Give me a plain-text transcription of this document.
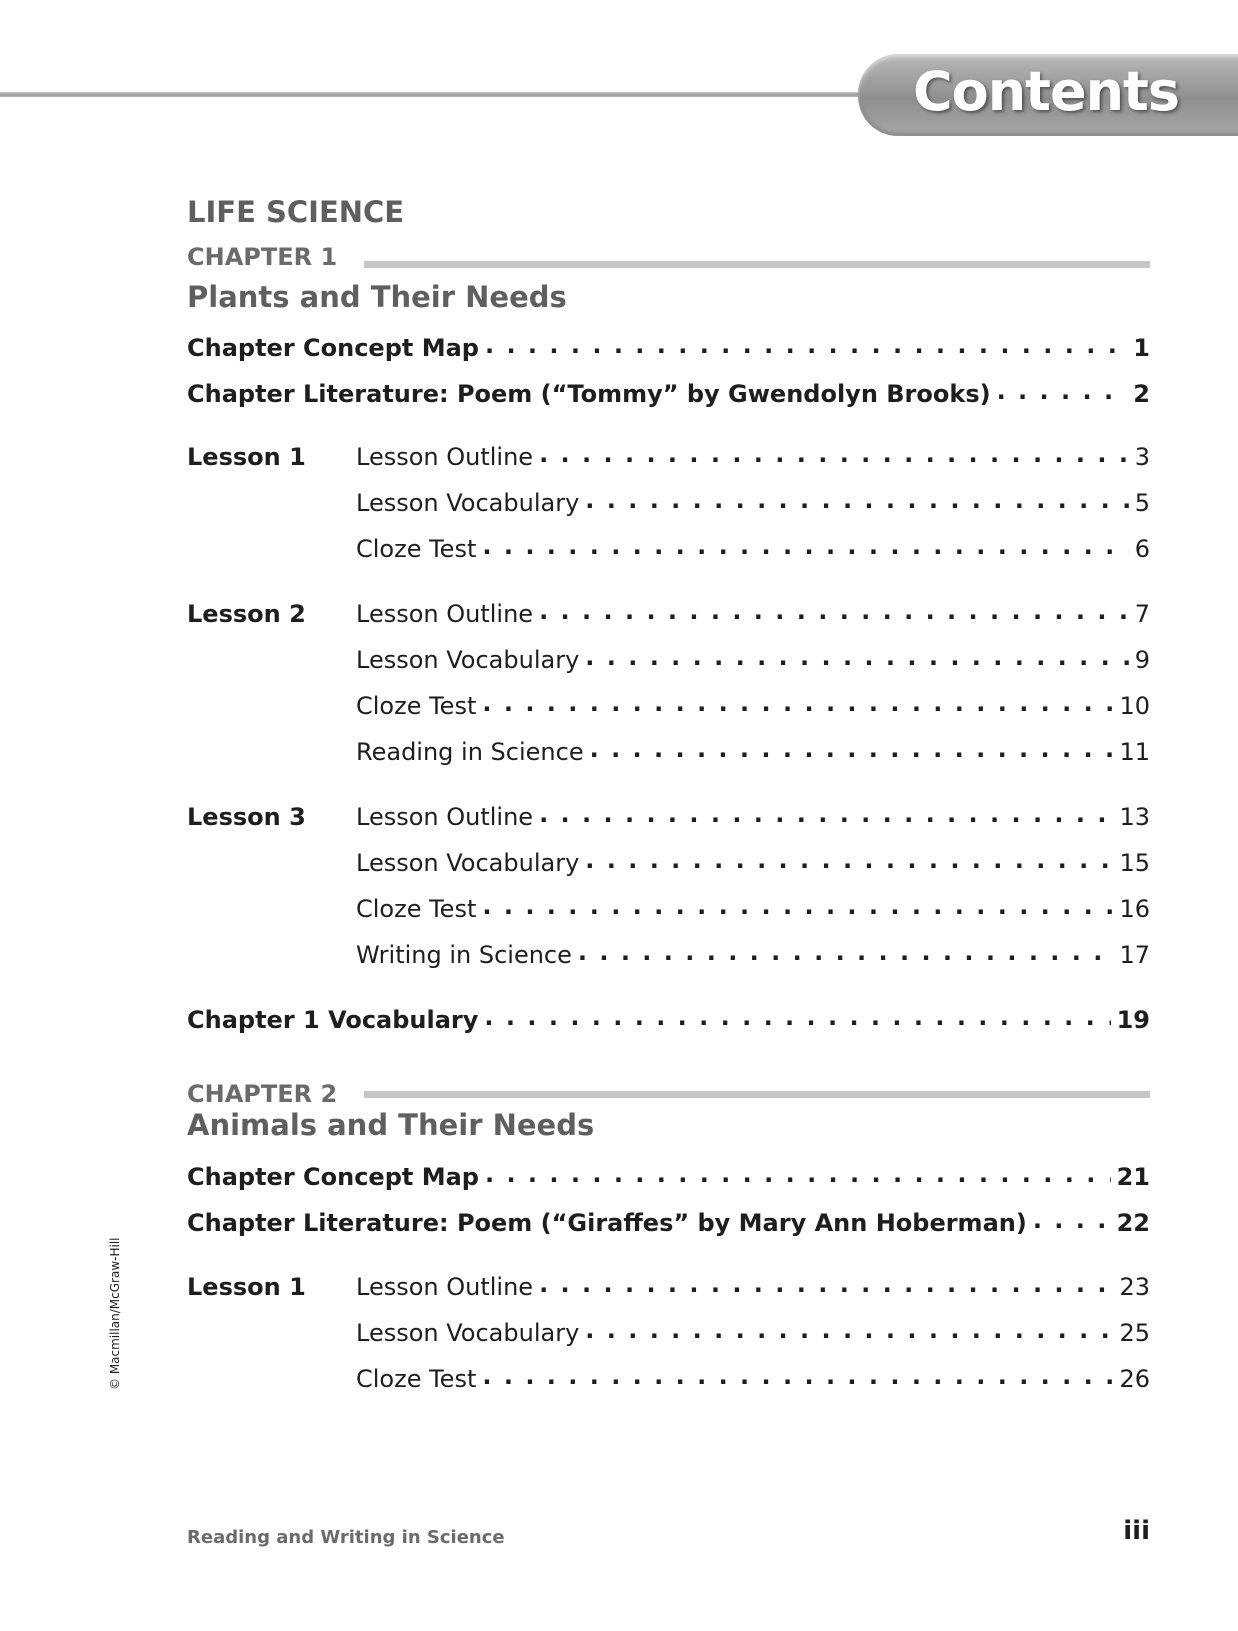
Contents
LIFE SCIENCE
CHAPTER 1
Plants and Their Needs
Chapter Concept Map . . .	1
Chapter Literature: Poem (“Tommy” by Gwendolyn Brooks) . . .	2
Lesson 1 Lesson Outline . . .	3
Lesson Vocabulary . . .	5
Cloze Test . . .	6
Lesson 2 Lesson Outline . . .	7
Lesson Vocabulary . . .	9
Cloze Test . . .	10
Reading in Science . . .	11
Lesson 3 Lesson Outline . . .	13
Lesson Vocabulary . . .	15
Cloze Test . . .	16
Writing in Science . . .	17
Chapter 1 Vocabulary . . .	19
CHAPTER 2
Animals and Their Needs
Chapter Concept Map . . .	21
Chapter Literature: Poem (“Giraffes” by Mary Ann Hoberman) . . .	22
Lesson 1 Lesson Outline . . .	23
Lesson Vocabulary . . .	25
Cloze Test . . .	26
© Macmillan/McGraw-Hill
Reading and Writing in Science	iii
